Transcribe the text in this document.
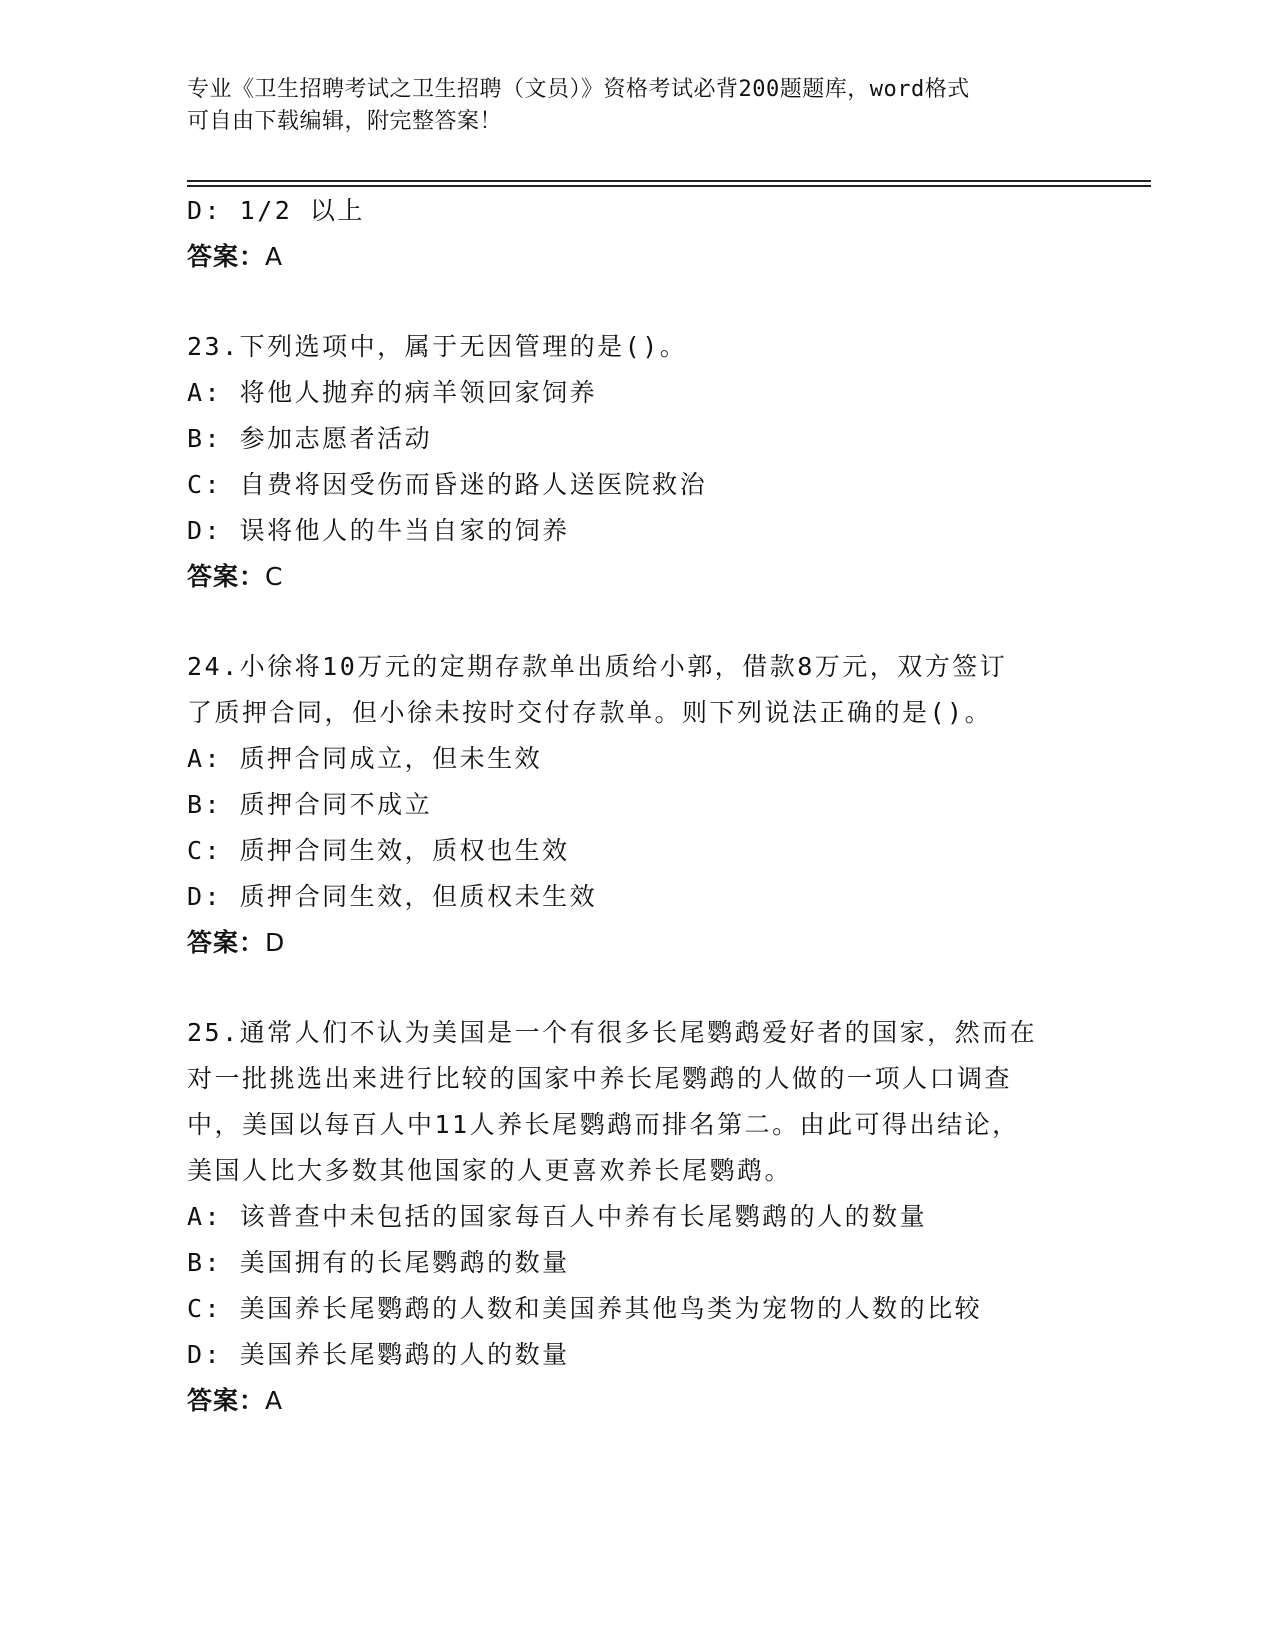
专业《卫生招聘考试之卫生招聘（文员）》资格考试必背200题题库，word格式
可自由下载编辑，附完整答案！
D: 1/2 以上
答案：A
23.下列选项中，属于无因管理的是()。
A: 将他人抛弃的病羊领回家饲养
B: 参加志愿者活动
C: 自费将因受伤而昏迷的路人送医院救治
D: 误将他人的牛当自家的饲养
答案：C
24.小徐将10万元的定期存款单出质给小郭，借款8万元，双方签订
了质押合同，但小徐未按时交付存款单。则下列说法正确的是()。
A: 质押合同成立，但未生效
B: 质押合同不成立
C: 质押合同生效，质权也生效
D: 质押合同生效，但质权未生效
答案：D
25.通常人们不认为美国是一个有很多长尾鹦鹉爱好者的国家，然而在
对一批挑选出来进行比较的国家中养长尾鹦鹉的人做的一项人口调查
中，美国以每百人中11人养长尾鹦鹉而排名第二。由此可得出结论，
美国人比大多数其他国家的人更喜欢养长尾鹦鹉。
A: 该普查中未包括的国家每百人中养有长尾鹦鹉的人的数量
B: 美国拥有的长尾鹦鹉的数量
C: 美国养长尾鹦鹉的人数和美国养其他鸟类为宠物的人数的比较
D: 美国养长尾鹦鹉的人的数量
答案：A
